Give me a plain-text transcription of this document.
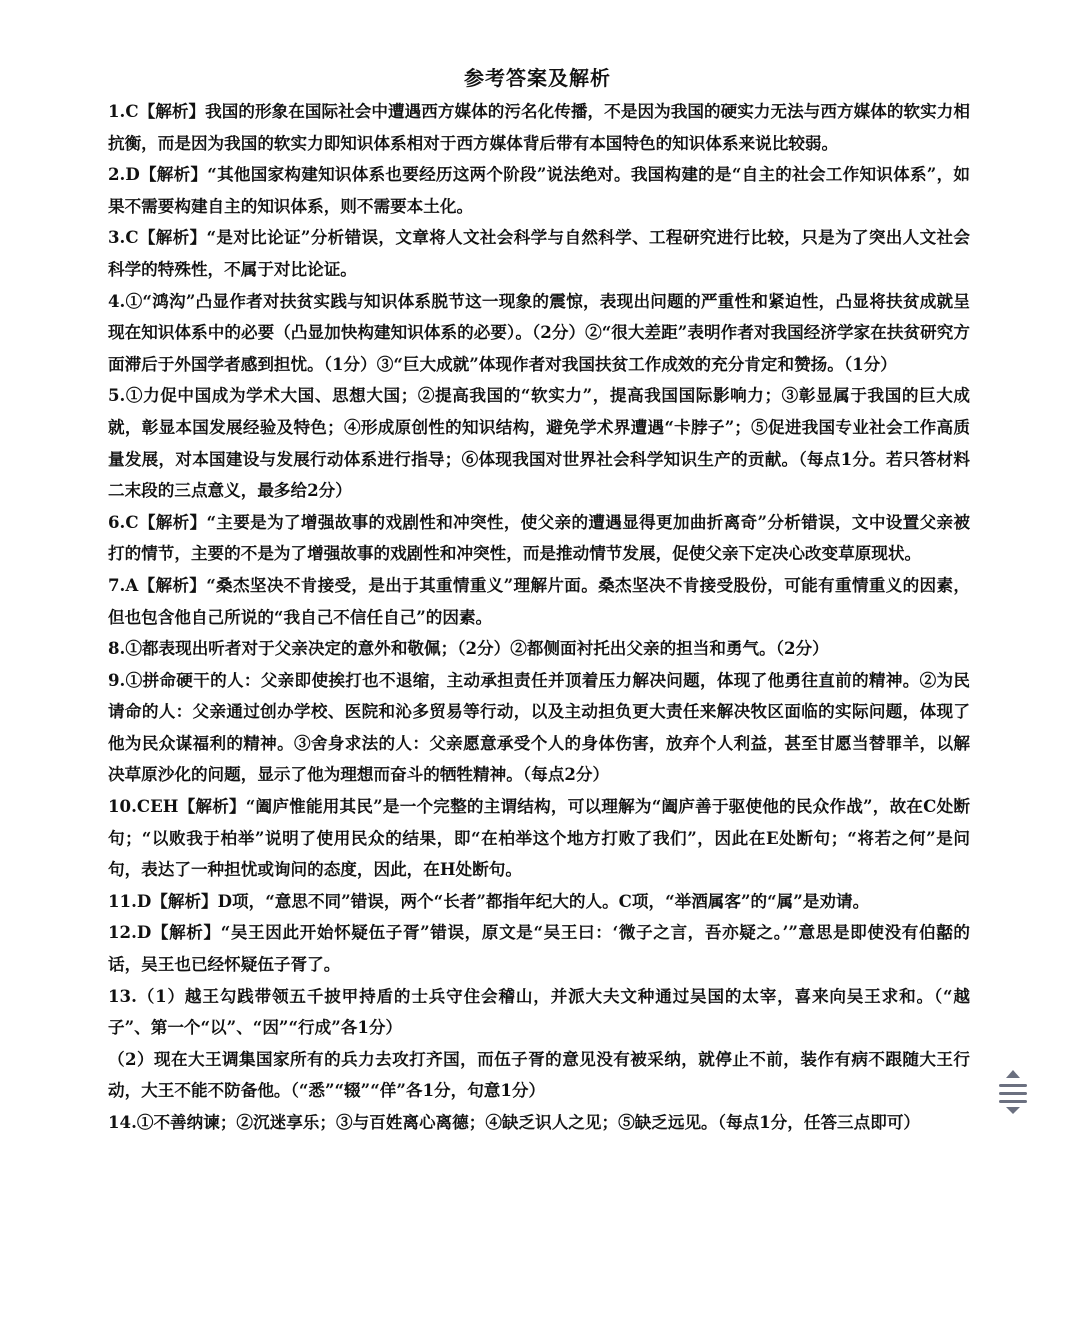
参考答案及解析

1.C【解析】我国的形象在国际社会中遭遇西方媒体的污名化传播，不是因为我国的硬实力无法与西方媒体的软实力相抗衡，而是因为我国的软实力即知识体系相对于西方媒体背后带有本国特色的知识体系来说比较弱。

2.D【解析】“其他国家构建知识体系也要经历这两个阶段”说法绝对。我国构建的是“自主的社会工作知识体系”，如果不需要构建自主的知识体系，则不需要本土化。

3.C【解析】“是对比论证”分析错误，文章将人文社会科学与自然科学、工程研究进行比较，只是为了突出人文社会科学的特殊性，不属于对比论证。

4.①“鸿沟”凸显作者对扶贫实践与知识体系脱节这一现象的震惊，表现出问题的严重性和紧迫性，凸显将扶贫成就呈现在知识体系中的必要（凸显加快构建知识体系的必要）。（2分）②“很大差距”表明作者对我国经济学家在扶贫研究方面滞后于外国学者感到担忧。（1分）③“巨大成就”体现作者对我国扶贫工作成效的充分肯定和赞扬。（1分）

5.①力促中国成为学术大国、思想大国；②提高我国的“软实力”，提高我国国际影响力；③彰显属于我国的巨大成就，彰显本国发展经验及特色；④形成原创性的知识结构，避免学术界遭遇“卡脖子”；⑤促进我国专业社会工作高质量发展，对本国建设与发展行动体系进行指导；⑥体现我国对世界社会科学知识生产的贡献。（每点1分。若只答材料二末段的三点意义，最多给2分）

6.C【解析】“主要是为了增强故事的戏剧性和冲突性，使父亲的遭遇显得更加曲折离奇”分析错误，文中设置父亲被打的情节，主要的不是为了增强故事的戏剧性和冲突性，而是推动情节发展，促使父亲下定决心改变草原现状。

7.A【解析】“桑杰坚决不肯接受，是出于其重情重义”理解片面。桑杰坚决不肯接受股份，可能有重情重义的因素，但也包含他自己所说的“我自己不信任自己”的因素。

8.①都表现出听者对于父亲决定的意外和敬佩；（2分）②都侧面衬托出父亲的担当和勇气。（2分）

9.①拼命硬干的人：父亲即使挨打也不退缩，主动承担责任并顶着压力解决问题，体现了他勇往直前的精神。②为民请命的人：父亲通过创办学校、医院和沁多贸易等行动，以及主动担负更大责任来解决牧区面临的实际问题，体现了他为民众谋福利的精神。③舍身求法的人：父亲愿意承受个人的身体伤害，放弃个人利益，甚至甘愿当替罪羊，以解决草原沙化的问题，显示了他为理想而奋斗的牺牲精神。（每点2分）

10.CEH【解析】“阖庐惟能用其民”是一个完整的主谓结构，可以理解为“阖庐善于驱使他的民众作战”，故在C处断句；“以败我于柏举”说明了使用民众的结果，即“在柏举这个地方打败了我们”，因此在E处断句；“将若之何”是问句，表达了一种担忧或询问的态度，因此，在H处断句。

11.D【解析】D项，“意思不同”错误，两个“长者”都指年纪大的人。C项，“举酒属客”的“属”是劝请。

12.D【解析】“吴王因此开始怀疑伍子胥”错误，原文是“吴王曰：‘微子之言，吾亦疑之。’”意思是即使没有伯嚭的话，吴王也已经怀疑伍子胥了。

13.（1）越王勾践带领五千披甲持盾的士兵守住会稽山，并派大夫文种通过吴国的太宰，喜来向吴王求和。（“越子”、第一个“以”、“因”“行成”各1分）

（2）现在大王调集国家所有的兵力去攻打齐国，而伍子胥的意见没有被采纳，就停止不前，装作有病不跟随大王行动，大王不能不防备他。（“悉”“辍”“佯”各1分，句意1分）

14.①不善纳谏；②沉迷享乐；③与百姓离心离德；④缺乏识人之见；⑤缺乏远见。（每点1分，任答三点即可）
